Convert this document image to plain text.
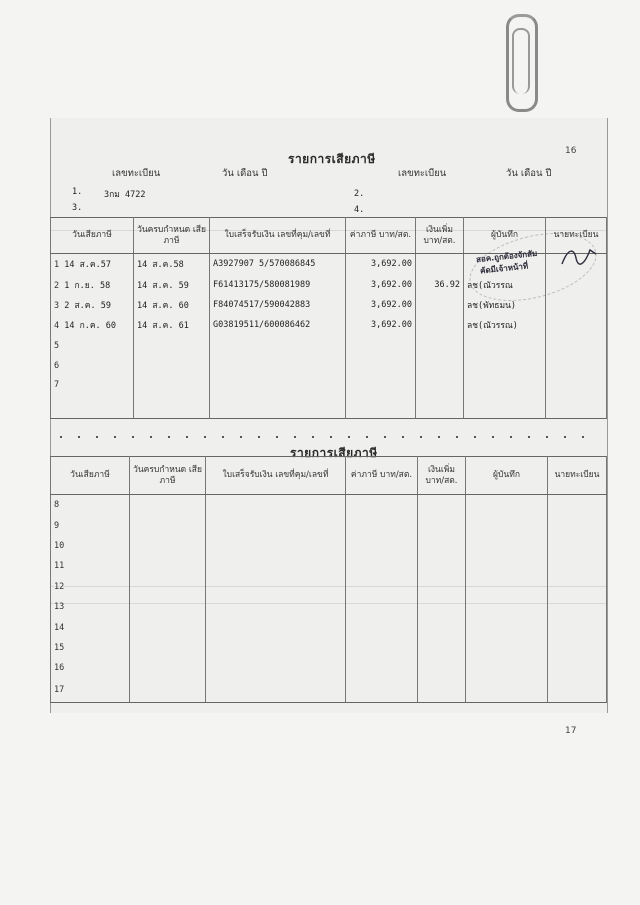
16
รายการเสียภาษี
เลขทะเบียน	วัน เดือน ปี	เลขทะเบียน	วัน เดือน ปี
1.	3กม 4722	2.
3.	4.
วันเสียภาษี	วันครบกำหนด เสียภาษี	ใบเสร็จรับเงิน เลขที่คุม/เลขที่	ค่าภาษี บาท/สต.	เงินเพิ่ม บาท/สต.	ผู้บันทึก	นายทะเบียน
1 14 ส.ค.57	14 ส.ค.58	A3927907 5/570086845	3,692.00			
2 1 ก.ย. 58	14 ส.ค. 59	F61413175/580081989	3,692.00	36.92	ลช(ณัวรรณ	
3 2 ส.ค. 59	14 ส.ค. 60	F84074517/590042883	3,692.00		ลช(พัทธมน)	
4 14 ก.ค. 60	14 ส.ค. 61	G03819511/600086462	3,692.00		ลช(ณัวรรณ)	
5						
6						
7						
สอค.ถูกต้องจักสัม
คัดมีเจ้าหน้าที่
รายการเสียภาษี
วันเสียภาษี	วันครบกำหนด เสียภาษี	ใบเสร็จรับเงิน เลขที่คุม/เลขที่	ค่าภาษี บาท/สต.	เงินเพิ่ม บาท/สต.	ผู้บันทึก	นายทะเบียน
8						
9						
10						
11						
12						
13						
14						
15						
16						
17						
17
